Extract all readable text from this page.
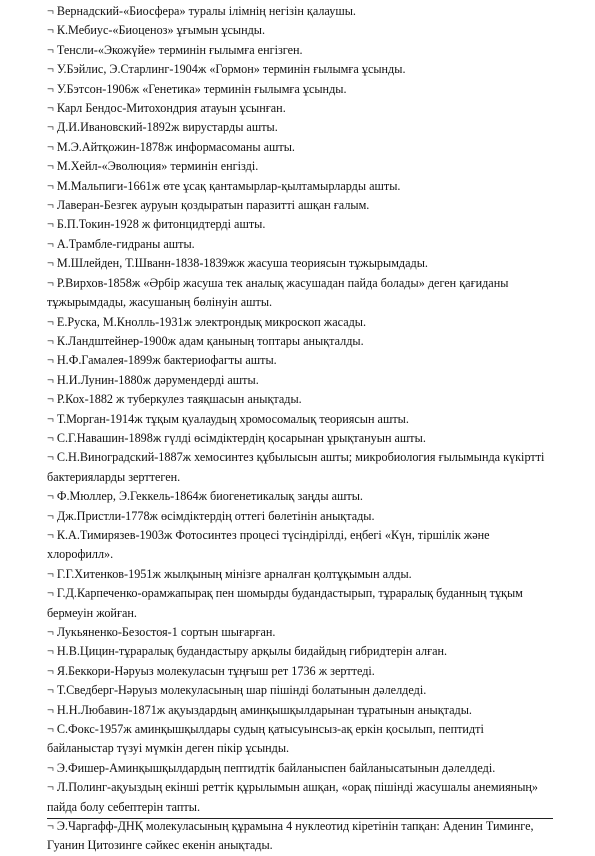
¬ Вернадский-«Биосфера» туралы ілімнің негізін қалаушы.
¬ К.Мебиус-«Биоценоз» ұғымын ұсынды.
¬ Тенсли-«Экожүйе» терминін ғылымға енгізген.
¬ У.Бэйлис, Э.Старлинг-1904ж «Гормон» терминін ғылымға ұсынды.
¬ У.Бэтсон-1906ж «Генетика» терминін ғылымға ұсынды.
¬ Карл Бендос-Митохондрия атауын ұсынған.
¬ Д.И.Ивановский-1892ж вирустарды ашты.
¬ М.Э.Айтқожин-1878ж информасоманы ашты.
¬ М.Хейл-«Эволюция» терминін енгізді.
¬ М.Мальпиги-1661ж өте ұсақ қантамырлар-қылтамырларды ашты.
¬ Лаверан-Безгек ауруын қоздыратын паразитті ашқан ғалым.
¬ Б.П.Токин-1928 ж фитонцидтерді ашты.
¬ А.Трамбле-гидраны ашты.
¬ М.Шлейден, Т.Шванн-1838-1839жж жасуша теориясын тұжырымдады.
¬ Р.Вирхов-1858ж «Әрбір жасуша тек аналық жасушадан пайда болады» деген қағиданы тұжырымдады, жасушаның бөлінуін ашты.
¬ Е.Руска, М.Кнолль-1931ж электрондық микроскоп жасады.
¬ К.Ландштейнер-1900ж адам қанының топтары анықталды.
¬ Н.Ф.Гамалея-1899ж бактериофагты ашты.
¬ Н.И.Лунин-1880ж дәрумендерді ашты.
¬ Р.Кох-1882 ж туберкулез таяқшасын анықтады.
¬ Т.Морган-1914ж тұқым қуалаудың хромосомалық теориясын ашты.
¬ С.Г.Навашин-1898ж гүлді өсімдіктердің қосарынан ұрықтануын ашты.
¬ С.Н.Виноградский-1887ж хемосинтез құбылысын ашты; микробиология ғылымында күкіртті бактерияларды зерттеген.
¬ Ф.Мюллер, Э.Геккель-1864ж биогенетикалық заңды ашты.
¬ Дж.Пристли-1778ж өсімдіктердің оттегі бөлетінін анықтады.
¬ К.А.Тимирязев-1903ж Фотосинтез процесі түсіндірілді, еңбегі «Күн, тіршілік және хлорофилл».
¬ Г.Г.Хитенков-1951ж жылқының мінізге арналған қолтұқымын алды.
¬ Г.Д.Карпеченко-орамжапырақ пен шомырды будандастырып, тұраралық буданның тұқым бермеуін жойған.
¬ Лукьяненко-Безостоя-1 сортын шығарған.
¬ Н.В.Цицин-тұраралық будандастыру арқылы бидайдың гибридтерін алған.
¬ Я.Беккори-Нәруыз молекуласын тұңғыш рет 1736 ж зерттеді.
¬ Т.Сведберг-Нәруыз молекуласының шар пішінді болатынын дәлелдеді.
¬ Н.Н.Любавин-1871ж ақуыздардың аминқышқылдарынан тұратынын анықтады.
¬ С.Фокс-1957ж аминқышқылдары судың қатысуынсыз-ақ еркін қосылып, пептидті байланыстар түзуі мүмкін деген пікір ұсынды.
¬ Э.Фишер-Аминқышқылдардың пептидтік байланыспен байланысатынын дәлелдеді.
¬ Л.Полинг-ақуыздың екінші реттік құрылымын ашқан, «орақ пішінді жасушалы анемияның» пайда болу себептерін тапты.
¬ Э.Чаргафф-ДНҚ молекуласының құрамына 4 нуклеотид кіретінін тапқан: Аденин Тиминге, Гуанин Цитозинге сәйкес екенін анықтады.
